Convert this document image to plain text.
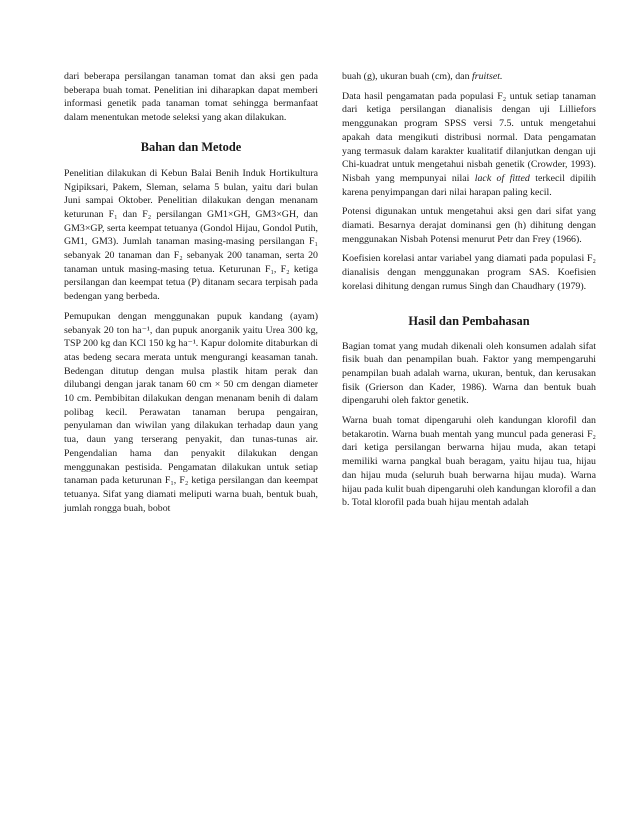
dari beberapa persilangan tanaman tomat dan aksi gen pada beberapa buah tomat. Penelitian ini diharapkan dapat memberi informasi genetik pada tanaman tomat sehingga bermanfaat dalam menentukan metode seleksi yang akan dilakukan.

Bahan dan Metode

Penelitian dilakukan di Kebun Balai Benih Induk Hortikultura Ngipiksari, Pakem, Sleman, selama 5 bulan, yaitu dari bulan Juni sampai Oktober. Penelitian dilakukan dengan menanam keturunan F₁ dan F₂ persilangan GM1×GH, GM3×GH, dan GM3×GP, serta keempat tetuanya (Gondol Hijau, Gondol Putih, GM1, GM3). Jumlah tanaman masing-masing persilangan F₁ sebanyak 20 tanaman dan F₂ sebanyak 200 tanaman, serta 20 tanaman untuk masing-masing tetua. Keturunan F₁, F₂ ketiga persilangan dan keempat tetua (P) ditanam secara terpisah pada bedengan yang berbeda.

Pemupukan dengan menggunakan pupuk kandang (ayam) sebanyak 20 ton ha⁻¹, dan pupuk anorganik yaitu Urea 300 kg, TSP 200 kg dan KCl 150 kg ha⁻¹. Kapur dolomite ditaburkan di atas bedeng secara merata untuk mengurangi keasaman tanah. Bedengan ditutup dengan mulsa plastik hitam perak dan dilubangi dengan jarak tanam 60 cm × 50 cm dengan diameter 10 cm. Pembibitan dilakukan dengan menanam benih di dalam polibag kecil. Perawatan tanaman berupa pengairan, penyulaman dan wiwilan yang dilakukan terhadap daun yang tua, daun yang terserang penyakit, dan tunas-tunas air. Pengendalian hama dan penyakit dilakukan dengan menggunakan pestisida. Pengamatan dilakukan untuk setiap tanaman pada keturunan F₁, F₂ ketiga persilangan dan keempat tetuanya. Sifat yang diamati meliputi warna buah, bentuk buah, jumlah rongga buah, bobot

buah (g), ukuran buah (cm), dan fruitset.

Data hasil pengamatan pada populasi F₂ untuk setiap tanaman dari ketiga persilangan dianalisis dengan uji Lilliefors menggunakan program SPSS versi 7.5. untuk mengetahui apakah data mengikuti distribusi normal. Data pengamatan yang termasuk dalam karakter kualitatif dilanjutkan dengan uji Chi-kuadrat untuk mengetahui nisbah genetik (Crowder, 1993). Nisbah yang mempunyai nilai lack of fitted terkecil dipilih karena penyimpangan dari nilai harapan paling kecil.

Potensi digunakan untuk mengetahui aksi gen dari sifat yang diamati. Besarnya derajat dominansi gen (h) dihitung dengan menggunakan Nisbah Potensi menurut Petr dan Frey (1966).

Koefisien korelasi antar variabel yang diamati pada populasi F₂ dianalisis dengan menggunakan program SAS. Koefisien korelasi dihitung dengan rumus Singh dan Chaudhary (1979).

Hasil dan Pembahasan

Bagian tomat yang mudah dikenali oleh konsumen adalah sifat fisik buah dan penampilan buah. Faktor yang mempengaruhi penampilan buah adalah warna, ukuran, bentuk, dan kerusakan fisik (Grierson dan Kader, 1986). Warna dan bentuk buah dipengaruhi oleh faktor genetik.

Warna buah tomat dipengaruhi oleh kandungan klorofil dan betakarotin. Warna buah mentah yang muncul pada generasi F₂ dari ketiga persilangan berwarna hijau muda, akan tetapi memiliki warna pangkal buah beragam, yaitu hijau tua, hijau dan hijau muda (seluruh buah berwarna hijau muda). Warna hijau pada kulit buah dipengaruhi oleh kandungan klorofil a dan b. Total klorofil pada buah hijau mentah adalah
